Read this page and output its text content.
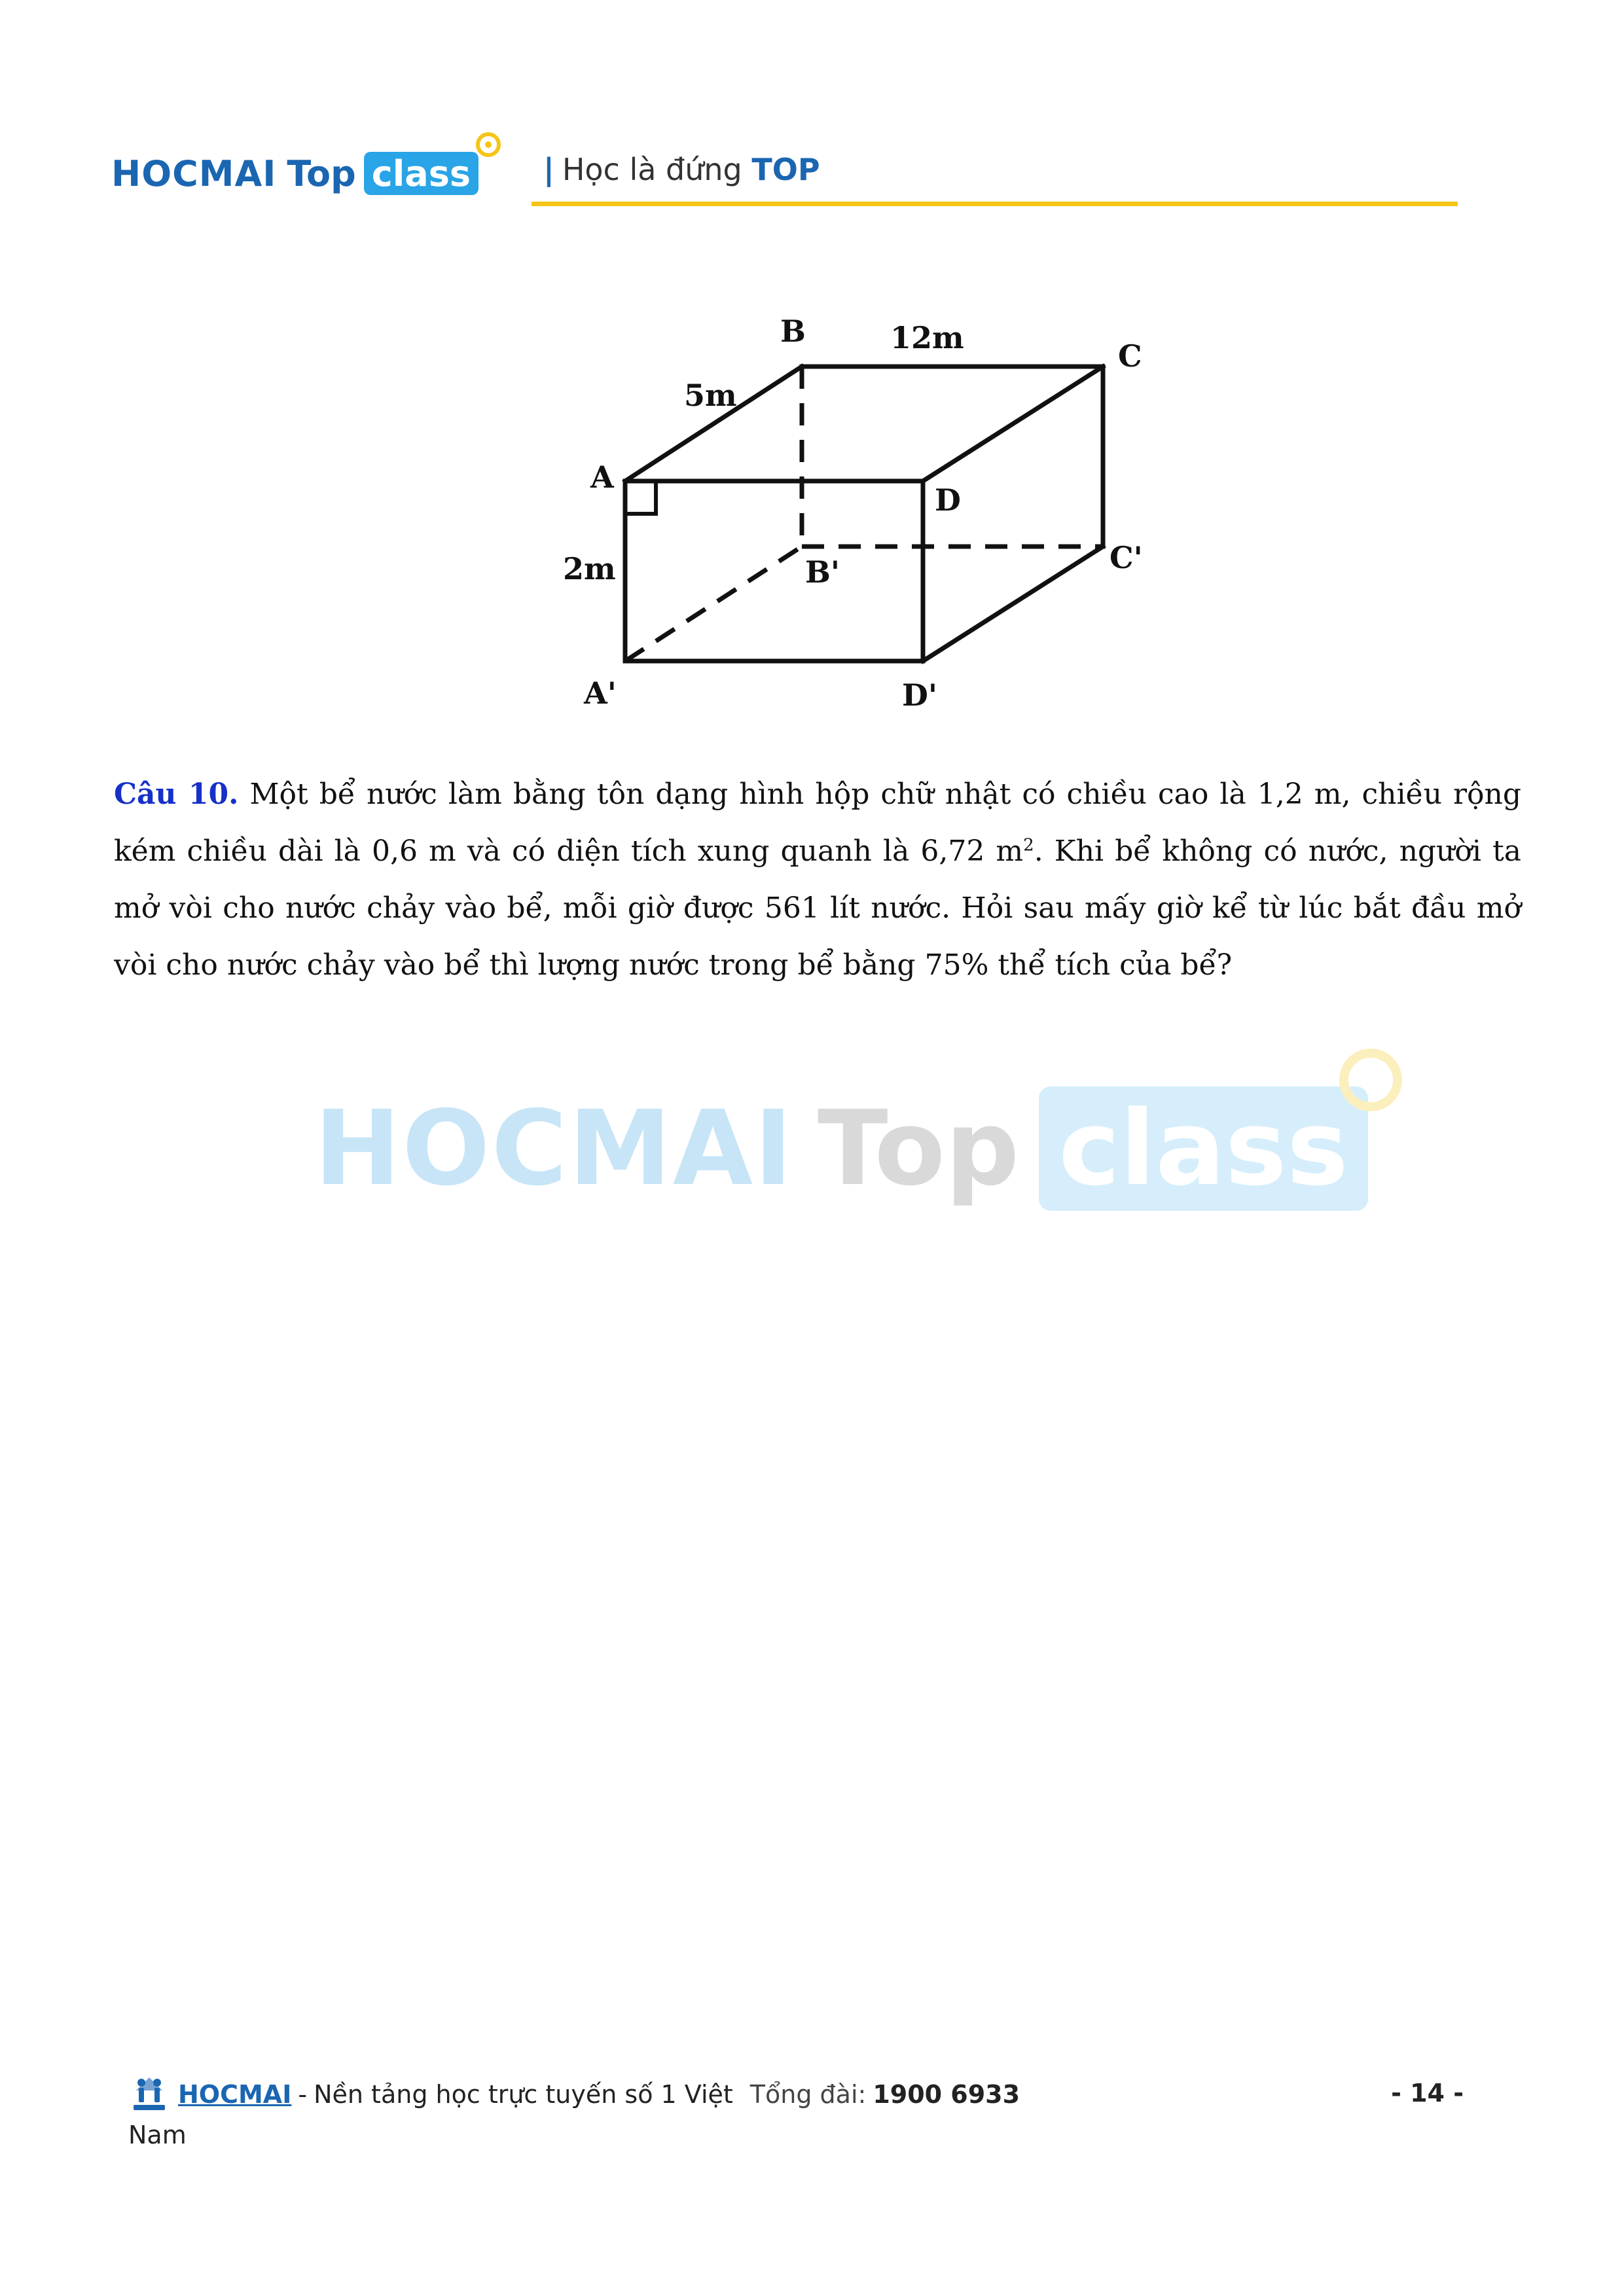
HOCMAI Top class | Học là đứng TOP
A
B
C
D
A'
B'	C'
D'
5m
12m
2m
Câu 10. Một bể nước làm bằng tôn dạng hình hộp chữ nhật có chiều cao là 1,2 m, chiều rộng kém chiều dài là 0,6 m và có diện tích xung quanh là 6,72 $m^2$. Khi bể không có nước, người ta mở vòi cho nước chảy vào bể, mỗi giờ được 561 lít nước. Hỏi sau mấy giờ kể từ lúc bắt đầu mở vòi cho nước chảy vào bể thì lượng nước trong bể bằng 75% thể tích của bể?
HOCMAI Top class
HOCMAI - Nền tảng học trực tuyến số 1 Việt Tổng đài: 1900 6933
Nam
- 14 -
